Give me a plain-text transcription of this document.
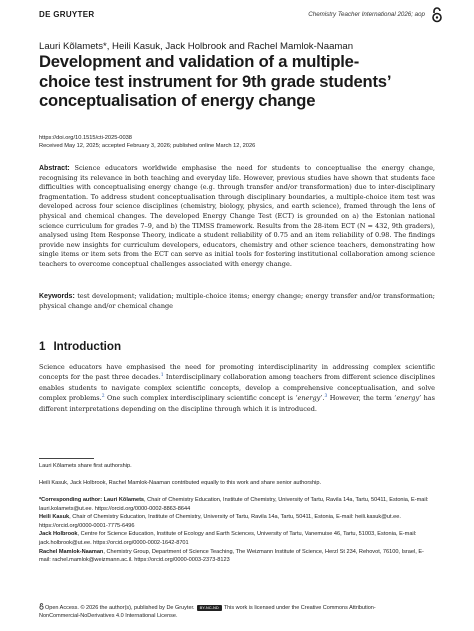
DE GRUYTER	Chemistry Teacher International 2026; aop
Lauri Kõlamets*, Heili Kasuk, Jack Holbrook and Rachel Mamlok-Naaman
Development and validation of a multiple-
choice test instrument for 9th grade students’
conceptualisation of energy change
https://doi.org/10.1515/cti-2025-0038
Received May 12, 2025; accepted February 3, 2026; published online March 12, 2026
Abstract: Science educators worldwide emphasise the need for students to conceptualise the energy change, recognising its relevance in both teaching and everyday life. However, previous studies have shown that students face difficulties with conceptualising energy change (e.g. through transfer and/or transformation) due to inter-disciplinary fragmentation. To address student conceptualisation through disciplinary boundaries, a multiple-choice item test was developed across four science disciplines (chemistry, biology, physics, and earth science), framed through the lens of physical and chemical changes. The developed Energy Change Test (ECT) is grounded on a) the Estonian national science curriculum for grades 7–9, and b) the TIMSS framework. Results from the 28-item ECT (N = 432, 9th graders), analysed using Item Response Theory, indicate a student reliability of 0.75 and an item reliability of 0.98. The findings provide new insights for curriculum developers, educators, chemistry and other science teachers, demonstrating how single items or item sets from the ECT can serve as initial tools for fostering institutional collaboration among science teachers to overcome conceptual challenges associated with energy change.
Keywords: test development; validation; multiple-choice items; energy change; energy transfer and/or transformation; physical change and/or chemical change
1 Introduction
Science educators have emphasised the need for promoting interdisciplinarity in addressing complex scientific concepts for the past three decades.$^1$ Interdisciplinary collaboration among teachers from different science disciplines enables students to navigate complex scientific concepts, develop a comprehensive conceptualisation, and solve complex problems.$^2$ One such complex interdisciplinary scientific concept is ‘energy’.$^3$ However, the term ‘energy’ has different interpretations depending on the discipline through which it is introduced.
Lauri Kõlamets share first authorship.
Heili Kasuk, Jack Holbrook, Rachel Mamlok-Naaman contributed equally to this work and share senior authorship.
*Corresponding author: Lauri Kõlamets, Chair of Chemistry Education, Institute of Chemistry, University of Tartu, Ravila 14a, Tartu, 50411, Estonia, E-mail: lauri.kolamets@ut.ee. https://orcid.org/0000-0002-8863-8644
Heili Kasuk, Chair of Chemistry Education, Institute of Chemistry, University of Tartu, Ravila 14a, Tartu, 50411, Estonia, E-mail: heili.kasuk@ut.ee. https://orcid.org/0000-0001-7775-6496
Jack Holbrook, Centre for Science Education, Institute of Ecology and Earth Sciences, University of Tartu, Vanemuise 46, Tartu, 51003, Estonia, E-mail: jack.holbrook@ut.ee. https://orcid.org/0000-0002-1642-8701
Rachel Mamlok-Naaman, Chemistry Group, Department of Science Teaching, The Weizmann Institute of Science, Herzl St 234, Rehovot, 76100, Israel, E-mail: rachel.mamlok@weizmann.ac.il. https://orcid.org/0000-0003-2373-8123
Open Access. © 2026 the author(s), published by De Gruyter. BY-NC-ND This work is licensed under the Creative Commons Attribution-
NonCommercial-NoDerivatives 4.0 International License.
